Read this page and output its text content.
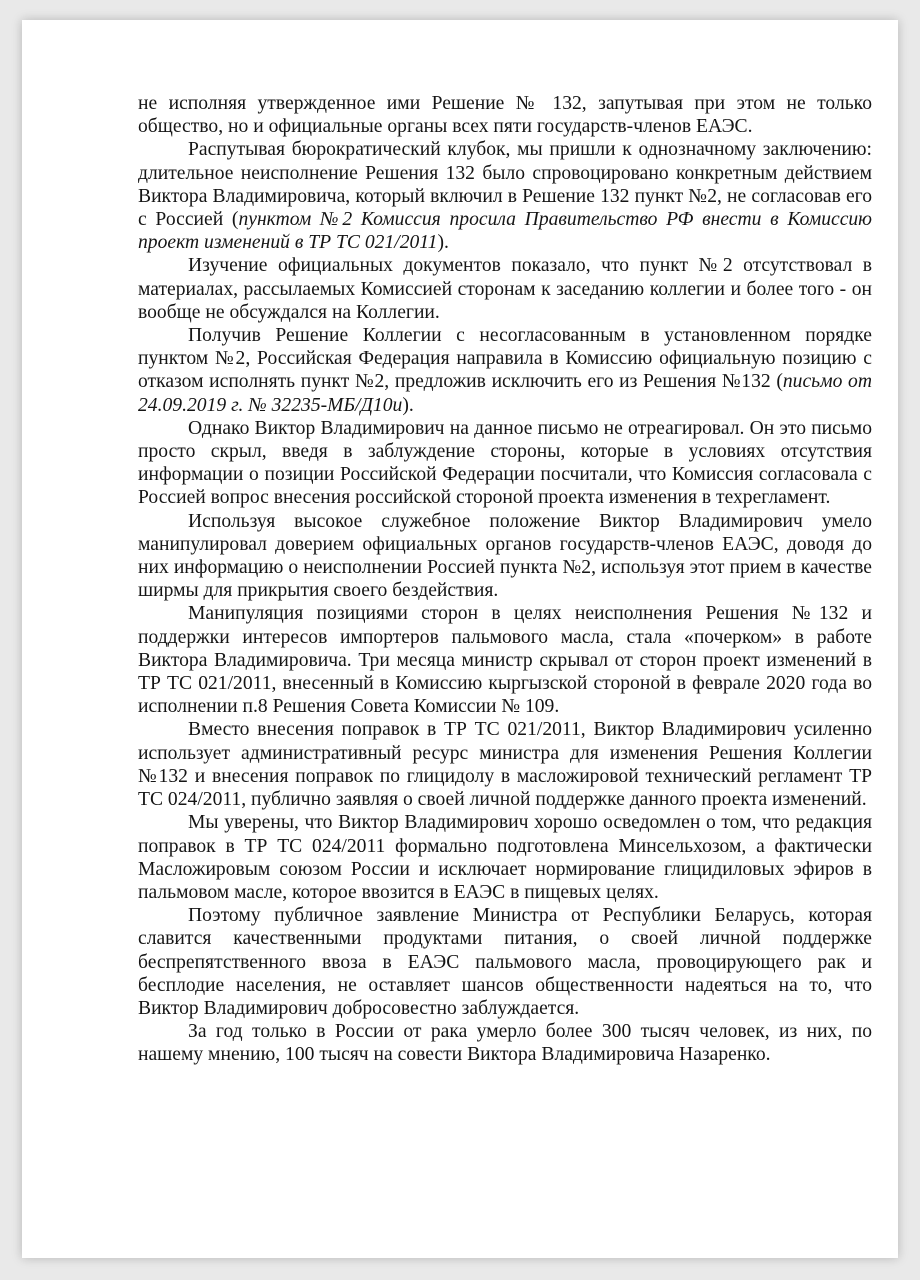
не исполняя утвержденное ими Решение № 132, запутывая при этом не только общество, но и официальные органы всех пяти государств-членов ЕАЭС.

Распутывая бюрократический клубок, мы пришли к однозначному заключению: длительное неисполнение Решения 132 было спровоцировано конкретным действием Виктора Владимировича, который включил в Решение 132 пункт №2, не согласовав его с Россией (пунктом №2 Комиссия просила Правительство РФ внести в Комиссию проект изменений в ТР ТС 021/2011).

Изучение официальных документов показало, что пункт №2 отсутствовал в материалах, рассылаемых Комиссией сторонам к заседанию коллегии и более того - он вообще не обсуждался на Коллегии.

Получив Решение Коллегии с несогласованным в установленном порядке пунктом №2, Российская Федерация направила в Комиссию официальную позицию с отказом исполнять пункт №2, предложив исключить его из Решения №132 (письмо от 24.09.2019 г. № 32235-МБ/Д10и).

Однако Виктор Владимирович на данное письмо не отреагировал. Он это письмо просто скрыл, введя в заблуждение стороны, которые в условиях отсутствия информации о позиции Российской Федерации посчитали, что Комиссия согласовала с Россией вопрос внесения российской стороной проекта изменения в техрегламент.

Используя высокое служебное положение Виктор Владимирович умело манипулировал доверием официальных органов государств-членов ЕАЭС, доводя до них информацию о неисполнении Россией пункта №2, используя этот прием в качестве ширмы для прикрытия своего бездействия.

Манипуляция позициями сторон в целях неисполнения Решения №132 и поддержки интересов импортеров пальмового масла, стала «почерком» в работе Виктора Владимировича. Три месяца министр скрывал от сторон проект изменений в ТР ТС 021/2011, внесенный в Комиссию кыргызской стороной в феврале 2020 года во исполнении п.8 Решения Совета Комиссии № 109.

Вместо внесения поправок в ТР ТС 021/2011, Виктор Владимирович усиленно использует административный ресурс министра для изменения Решения Коллегии №132 и внесения поправок по глицидолу в масложировой технический регламент ТР ТС 024/2011, публично заявляя о своей личной поддержке данного проекта изменений.

Мы уверены, что Виктор Владимирович хорошо осведомлен о том, что редакция поправок в ТР ТС 024/2011 формально подготовлена Минсельхозом, а фактически Масложировым союзом России и исключает нормирование глицидиловых эфиров в пальмовом масле, которое ввозится в ЕАЭС в пищевых целях.

Поэтому публичное заявление Министра от Республики Беларусь, которая славится качественными продуктами питания, о своей личной поддержке беспрепятственного ввоза в ЕАЭС пальмового масла, провоцирующего рак и бесплодие населения, не оставляет шансов общественности надеяться на то, что Виктор Владимирович добросовестно заблуждается.

За год только в России от рака умерло более 300 тысяч человек, из них, по нашему мнению, 100 тысяч на совести Виктора Владимировича Назаренко.
